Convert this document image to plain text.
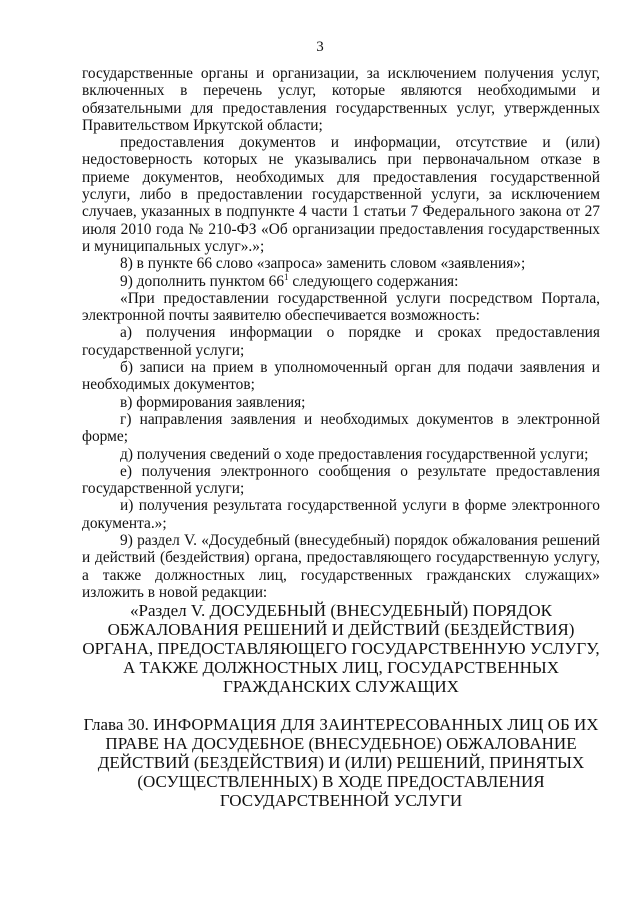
3

государственные органы и организации, за исключением получения услуг, включенных в перечень услуг, которые являются необходимыми и обязательными для предоставления государственных услуг, утвержденных Правительством Иркутской области;

предоставления документов и информации, отсутствие и (или) недостоверность которых не указывались при первоначальном отказе в приеме документов, необходимых для предоставления государственной услуги, либо в предоставлении государственной услуги, за исключением случаев, указанных в подпункте 4 части 1 статьи 7 Федерального закона от 27 июля 2010 года № 210-ФЗ «Об организации предоставления государственных и муниципальных услуг».»;

8) в пункте 66 слово «запроса» заменить словом «заявления»;

9) дополнить пунктом $66^1$ следующего содержания:

«При предоставлении государственной услуги посредством Портала, электронной почты заявителю обеспечивается возможность:

а) получения информации о порядке и сроках предоставления государственной услуги;

б) записи на прием в уполномоченный орган для подачи заявления и необходимых документов;

в) формирования заявления;

г) направления заявления и необходимых документов в электронной форме;

д) получения сведений о ходе предоставления государственной услуги;

е) получения электронного сообщения о результате предоставления государственной услуги;

и) получения результата государственной услуги в форме электронного документа.»;

9) раздел V. «Досудебный (внесудебный) порядок обжалования решений и действий (бездействия) органа, предоставляющего государственную услугу, а также должностных лиц, государственных гражданских служащих» изложить в новой редакции:

«Раздел V. ДОСУДЕБНЫЙ (ВНЕСУДЕБНЫЙ) ПОРЯДОК ОБЖАЛОВАНИЯ РЕШЕНИЙ И ДЕЙСТВИЙ (БЕЗДЕЙСТВИЯ) ОРГАНА, ПРЕДОСТАВЛЯЮЩЕГО ГОСУДАРСТВЕННУЮ УСЛУГУ, А ТАКЖЕ ДОЛЖНОСТНЫХ ЛИЦ, ГОСУДАРСТВЕННЫХ ГРАЖДАНСКИХ СЛУЖАЩИХ

Глава 30. ИНФОРМАЦИЯ ДЛЯ ЗАИНТЕРЕСОВАННЫХ ЛИЦ ОБ ИХ ПРАВЕ НА ДОСУДЕБНОЕ (ВНЕСУДЕБНОЕ) ОБЖАЛОВАНИЕ ДЕЙСТВИЙ (БЕЗДЕЙСТВИЯ) И (ИЛИ) РЕШЕНИЙ, ПРИНЯТЫХ (ОСУЩЕСТВЛЕННЫХ) В ХОДЕ ПРЕДОСТАВЛЕНИЯ ГОСУДАРСТВЕННОЙ УСЛУГИ
